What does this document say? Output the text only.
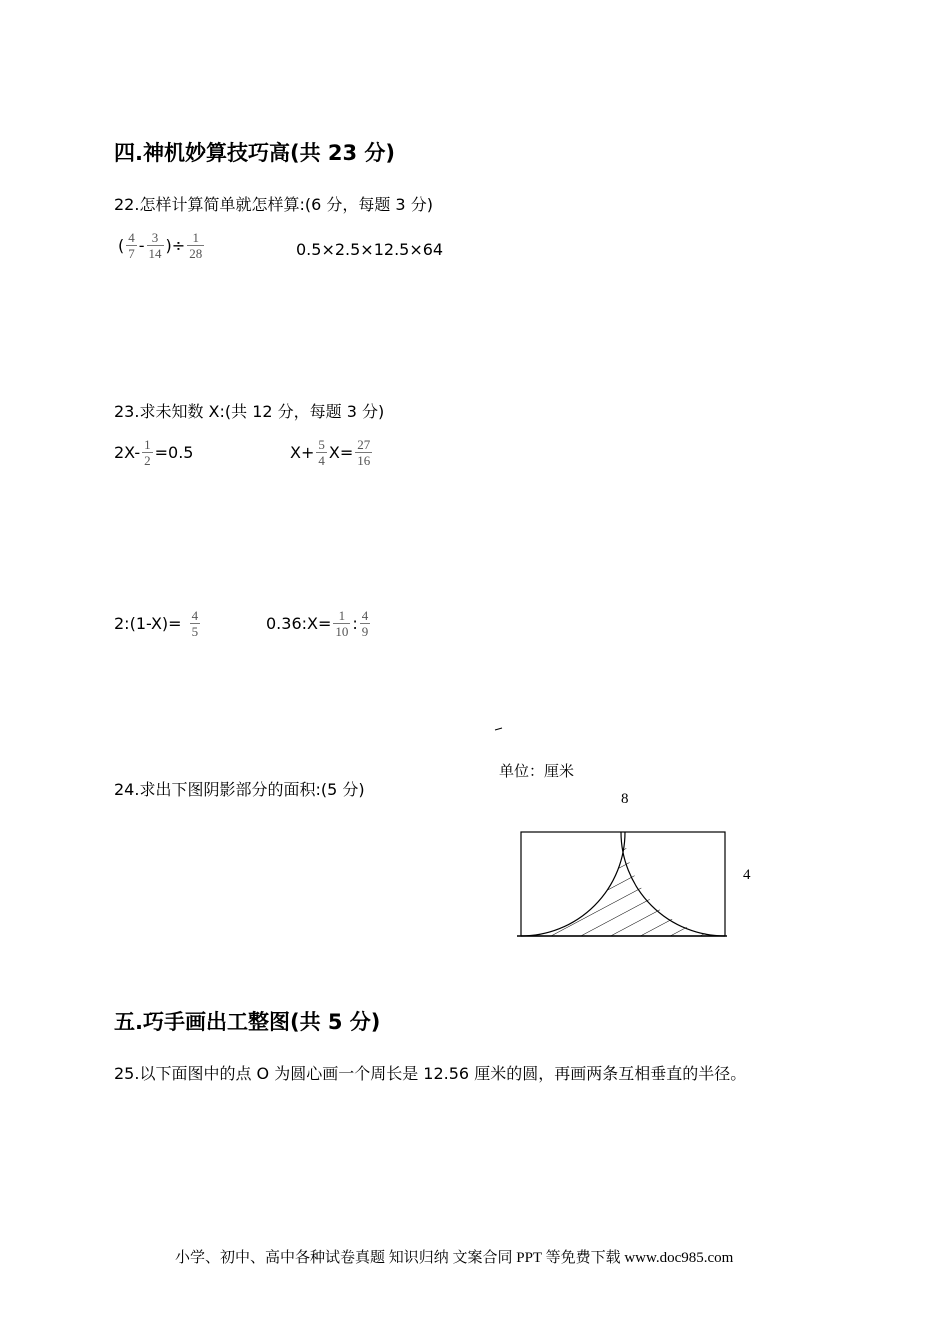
四.神机妙算技巧高(共 23 分)
22.怎样计算简单就怎样算:(6 分，每题 3 分)
( $\frac{4}{7} - \frac{3}{14}$ )÷ $\frac{1}{28}$	0.5×2.5×12.5×64
23.求未知数 X:(共 12 分，每题 3 分)
$2X- \frac{1}{2} =0.5$	$X+ \frac{5}{4} X= \frac{27}{16}$
2:(1-X)= $\frac{4}{5}$	0.36:X= $\frac{1}{10}$ : $\frac{4}{9}$
24.求出下图阴影部分的面积:(5 分)
单位：厘米
8
4
五.巧手画出工整图(共 5 分)
25.以下面图中的点 O 为圆心画一个周长是 12.56 厘米的圆，再画两条互相垂直的半径。
小学、初中、高中各种试卷真题 知识归纳 文案合同 PPT 等免费下载 www.doc985.com
